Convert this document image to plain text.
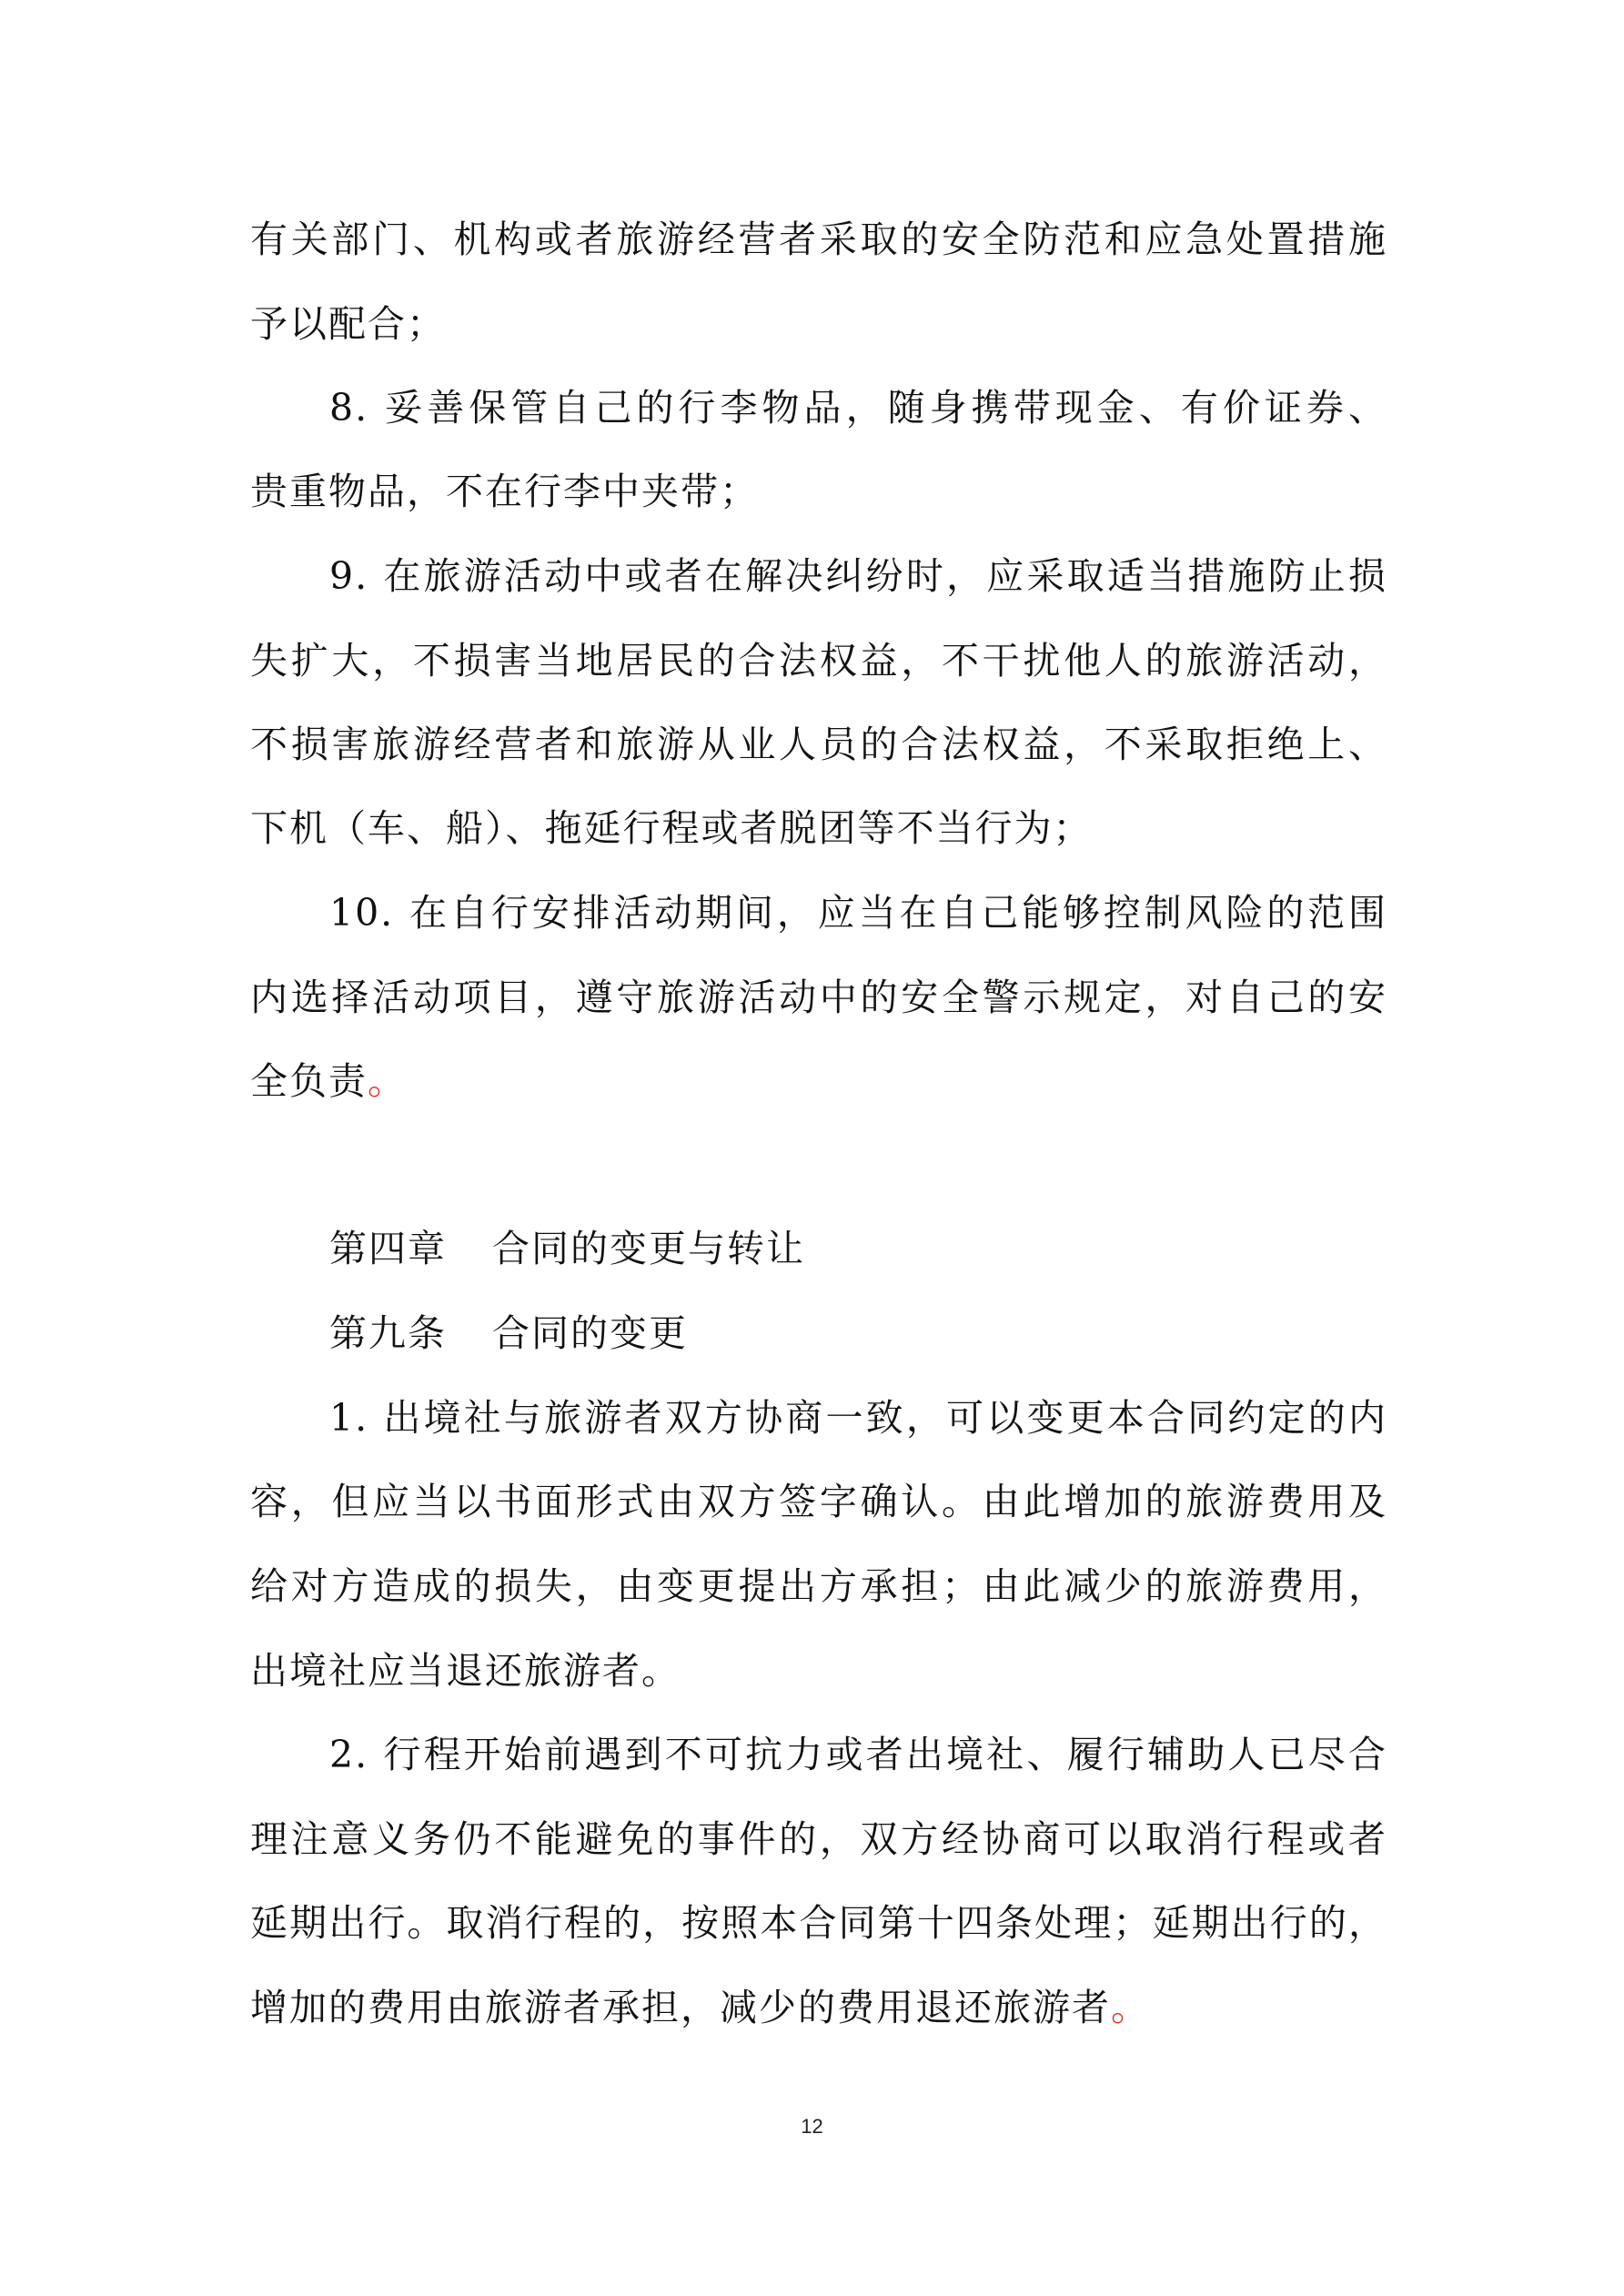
有关部门、机构或者旅游经营者采取的安全防范和应急处置措施
予以配合；
8. 妥善保管自己的行李物品，随身携带现金、有价证券、
贵重物品，不在行李中夹带；
9. 在旅游活动中或者在解决纠纷时，应采取适当措施防止损
失扩大，不损害当地居民的合法权益，不干扰他人的旅游活动，
不损害旅游经营者和旅游从业人员的合法权益，不采取拒绝上、
下机（车、船）、拖延行程或者脱团等不当行为；
10. 在自行安排活动期间，应当在自己能够控制风险的范围
内选择活动项目，遵守旅游活动中的安全警示规定，对自己的安
全负责。
第四章 合同的变更与转让
第九条 合同的变更
1. 出境社与旅游者双方协商一致，可以变更本合同约定的内
容，但应当以书面形式由双方签字确认。由此增加的旅游费用及
给对方造成的损失，由变更提出方承担；由此减少的旅游费用，
出境社应当退还旅游者。
2. 行程开始前遇到不可抗力或者出境社、履行辅助人已尽合
理注意义务仍不能避免的事件的，双方经协商可以取消行程或者
延期出行。取消行程的，按照本合同第十四条处理；延期出行的，
增加的费用由旅游者承担，减少的费用退还旅游者。
12
